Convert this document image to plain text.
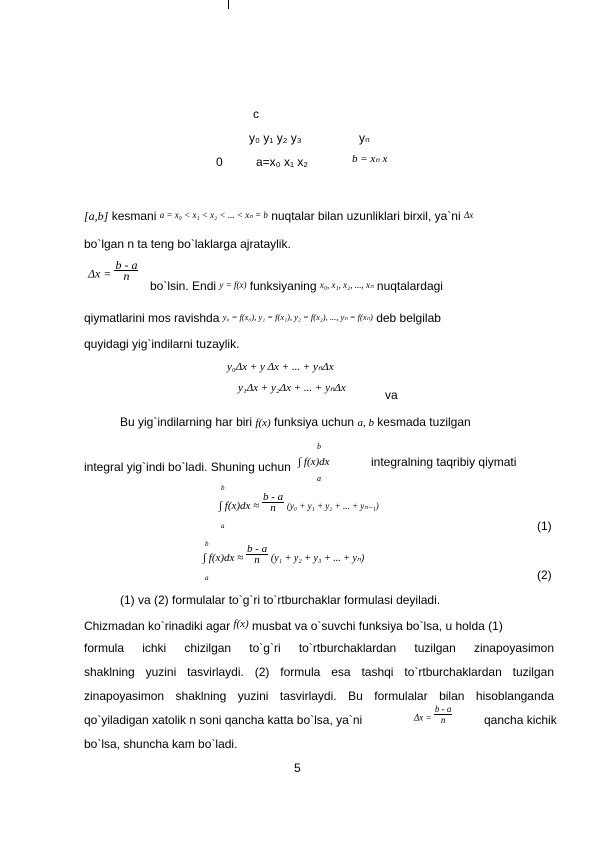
c
y₀ y₁ y₂ y₃	yₙ
0	a=x₀ x₁ x₂	b = xₙ x
[a,b] kesmani a = x₀ < x₁ < x₂ < ... < xₙ = b nuqtalar bilan uzunliklari birxil, ya`ni Δx
bo`lgan n ta teng bo`laklarga ajrataylik.
$\Delta x = \frac{b - a}{n}$
bo`lsin. Endi y = f(x) funksiyaning x₀, x₁, x₂, ..., xₙ nuqtalardagi
qiymatlarini mos ravishda y₀ = f(x₀), y₁ = f(x₁), y₂ = f(x₂), ..., yₙ = f(xₙ) deb belgilab
quyidagi yig`indilarni tuzaylik.
y₀Δx + y Δx + ... + yₙΔx
y₁Δx + y₂Δx + ... + yₙΔx	va
Bu yig`indilarning har biri f(x) funksiya uchun a, b kesmada tuzilgan
b
integral yig`indi bo`ladi. Shuning uchun ∫ f(x)dx
a
integralning taqribiy qiymati
b
∫ $f(x)dx \approx \frac{b - a}{n} _{(y_0 + y_1 + y_2 + ... + y_{n-1})}$
a	(1)
b
∫ $f(x)dx \approx \frac{b - a}{n} (y_1 + y_2 + y_3$ + ... + yₙ)
a	(2)
(1) va (2) formulalar to`g`ri to`rtburchaklar formulasi deyiladi.
Chizmadan ko`rinadiki agar f(x) musbat va o`suvchi funksiya bo`lsa, u holda (1)
formula ichki chizilgan to`g`ri to`rtburchaklardan tuzilgan zinapoyasimon
shaklning yuzini tasvirlaydi. (2) formula esa tashqi to`rtburchaklardan tuzilgan
zinapoyasimon shaklning yuzini tasvirlaydi. Bu formulalar bilan hisoblanganda
qo`yiladigan xatolik n soni qancha katta bo`lsa, ya`ni	$\Delta x = \frac{b - a}{n}$	qancha kichik
bo`lsa, shuncha kam bo`ladi.
5
